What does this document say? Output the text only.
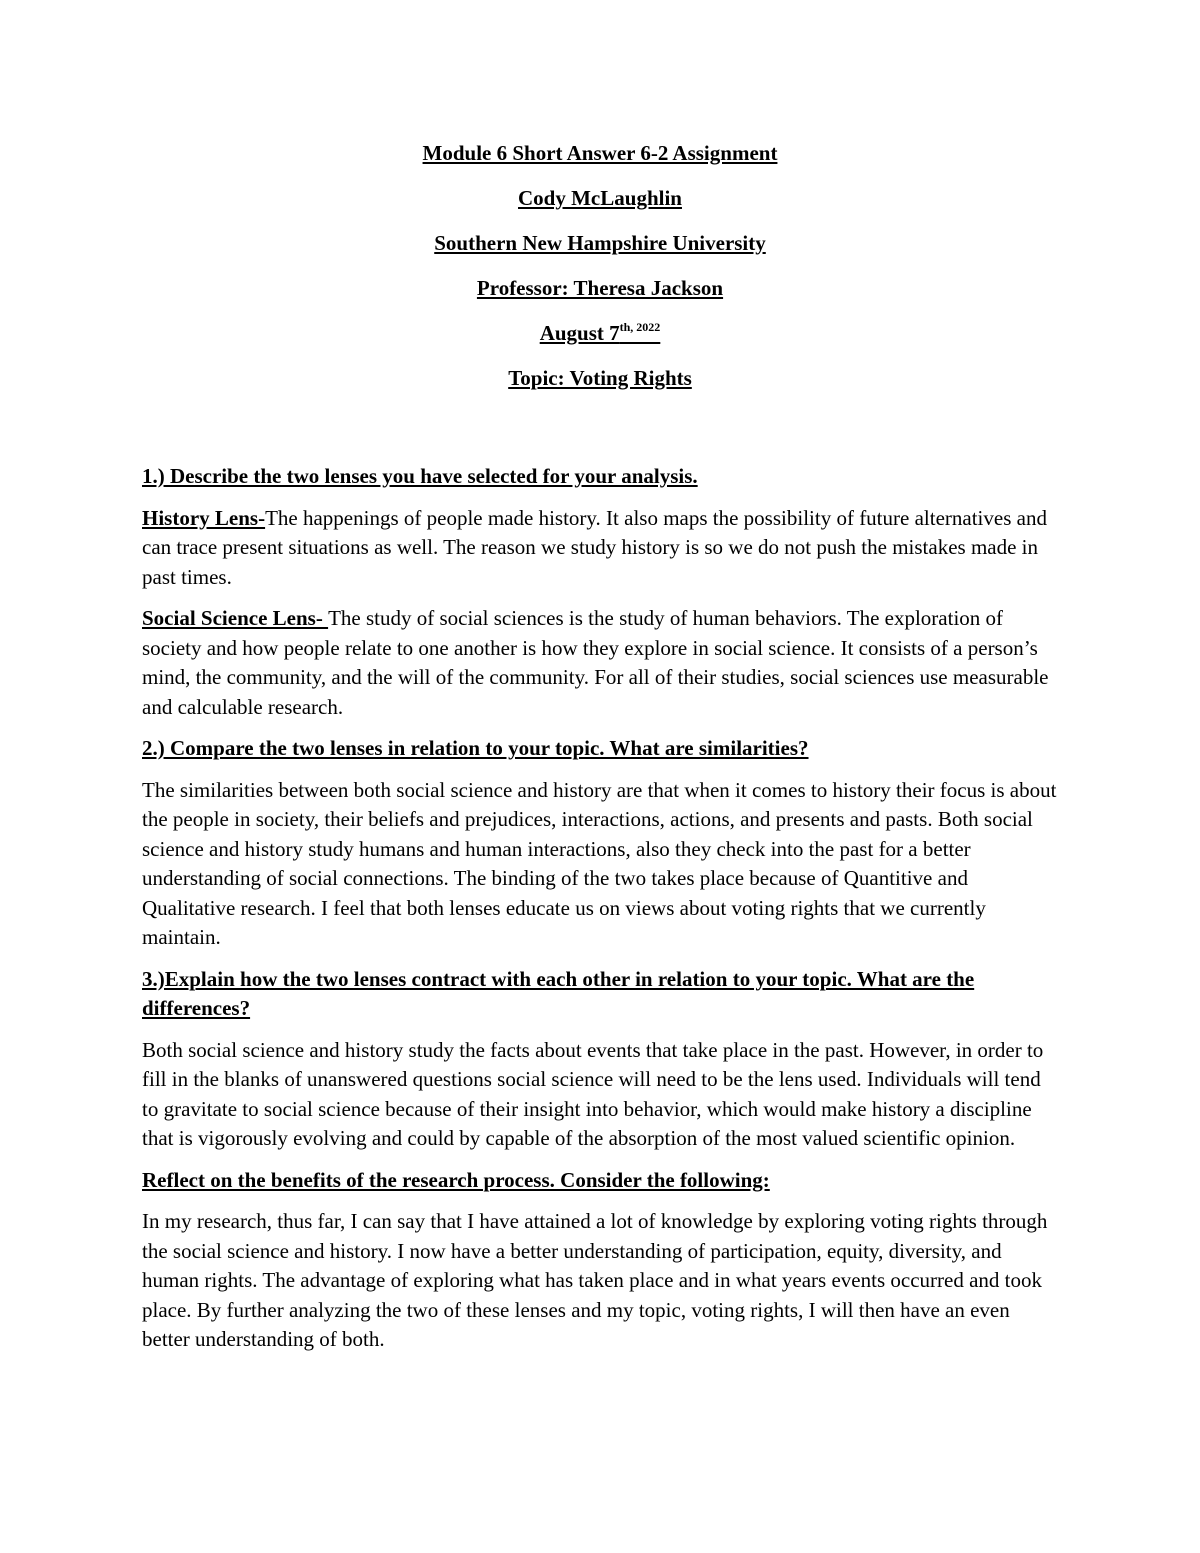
Module 6 Short Answer 6-2 Assignment

Cody McLaughlin

Southern New Hampshire University

Professor: Theresa Jackson

August $7^{th, 2022}$

Topic: Voting Rights

1.) Describe the two lenses you have selected for your analysis.

History Lens-The happenings of people made history. It also maps the possibility of future alternatives and can trace present situations as well. The reason we study history is so we do not push the mistakes made in past times.

Social Science Lens- The study of social sciences is the study of human behaviors. The exploration of society and how people relate to one another is how they explore in social science. It consists of a person’s mind, the community, and the will of the community. For all of their studies, social sciences use measurable and calculable research.

2.) Compare the two lenses in relation to your topic. What are similarities?

The similarities between both social science and history are that when it comes to history their focus is about the people in society, their beliefs and prejudices, interactions, actions, and presents and pasts. Both social science and history study humans and human interactions, also they check into the past for a better understanding of social connections. The binding of the two takes place because of Quantitive and Qualitative research. I feel that both lenses educate us on views about voting rights that we currently maintain.

3.)Explain how the two lenses contract with each other in relation to your topic. What are the differences?

Both social science and history study the facts about events that take place in the past. However, in order to fill in the blanks of unanswered questions social science will need to be the lens used. Individuals will tend to gravitate to social science because of their insight into behavior, which would make history a discipline that is vigorously evolving and could by capable of the absorption of the most valued scientific opinion.

Reflect on the benefits of the research process. Consider the following:

In my research, thus far, I can say that I have attained a lot of knowledge by exploring voting rights through the social science and history. I now have a better understanding of participation, equity, diversity, and human rights. The advantage of exploring what has taken place and in what years events occurred and took place. By further analyzing the two of these lenses and my topic, voting rights, I will then have an even better understanding of both.
